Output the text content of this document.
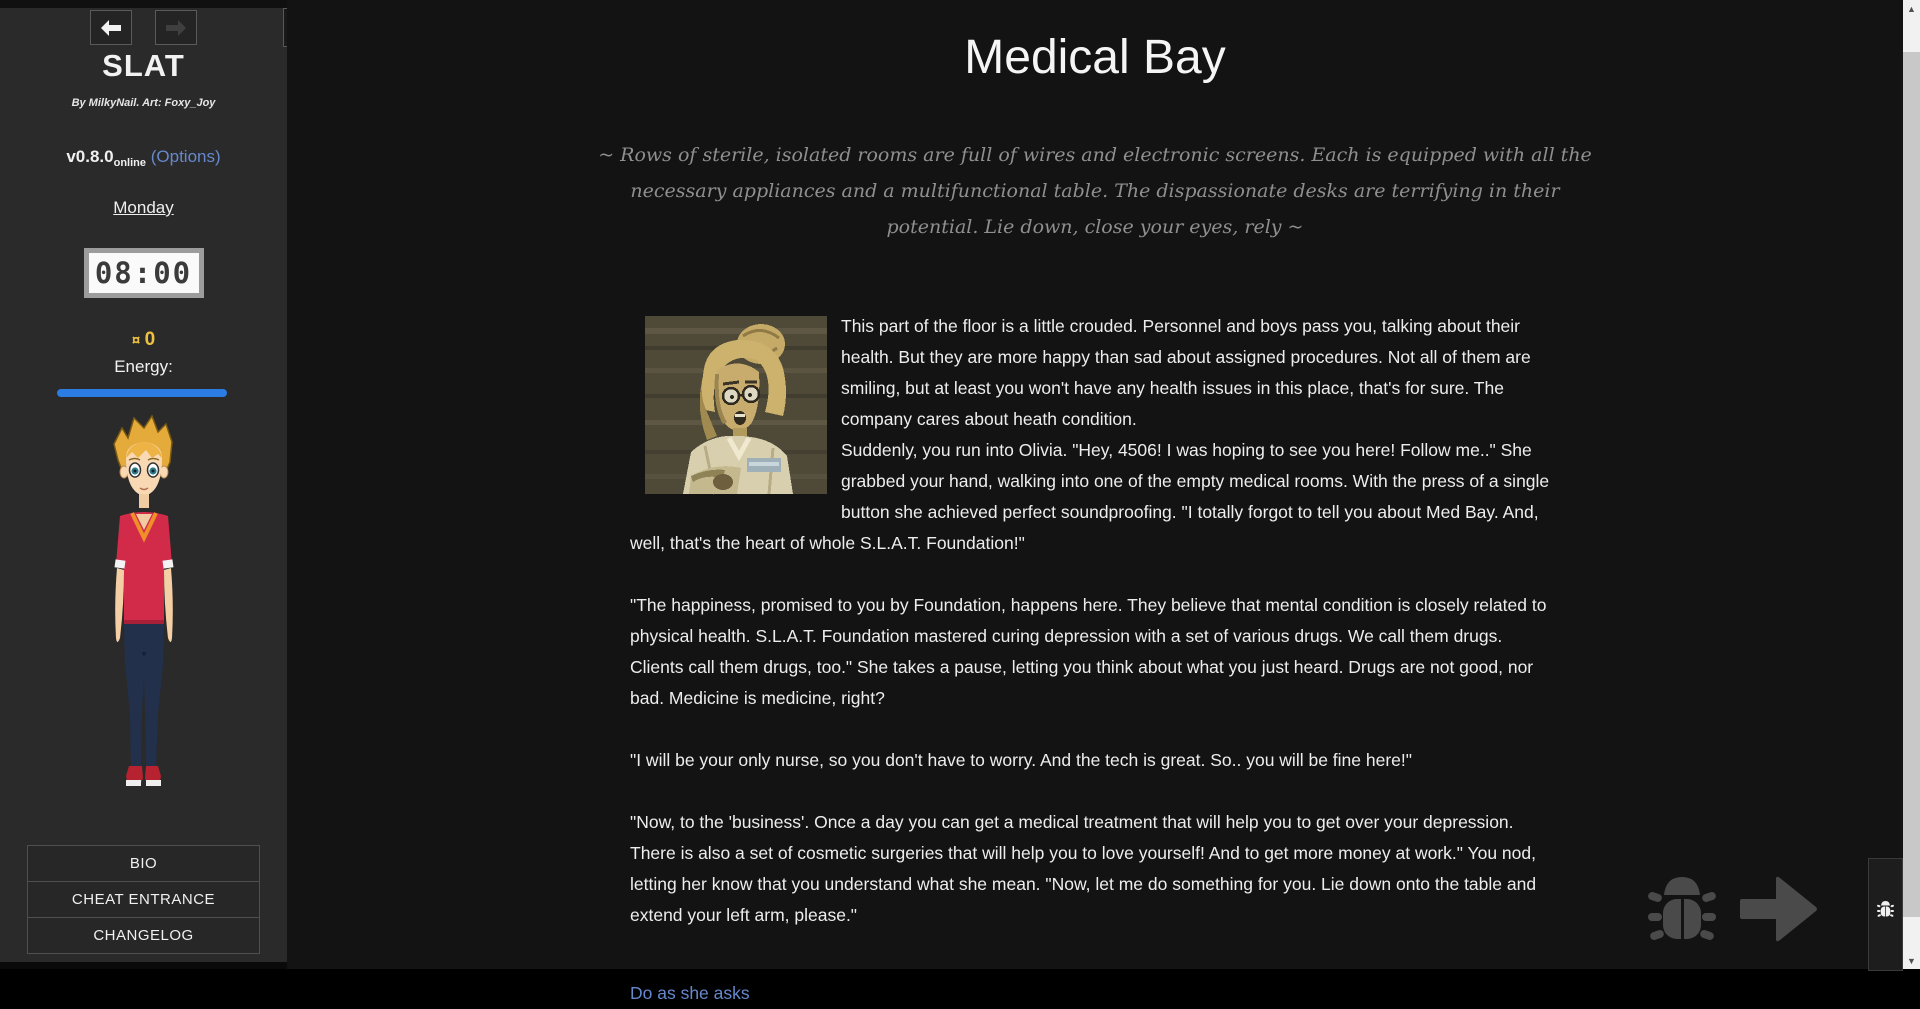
SLAT
By MilkyNail. Art: Foxy_Joy
$v0.8.0_{online}$ (Options)
Monday
08:00
¤ 0
Energy:
BIO
CHEAT ENTRANCE
CHANGELOG
Medical Bay
~ Rows of sterile, isolated rooms are full of wires and electronic screens. Each is equipped with all the necessary appliances and a multifunctional table. The dispassionate desks are terrifying in their potential. Lie down, close your eyes, rely ~

This part of the floor is a little crouded. Personnel and boys pass you, talking about their health. But they are more happy than sad about assigned procedures. Not all of them are smiling, but at least you won't have any health issues in this place, that's for sure. The company cares about heath condition.
Suddenly, you run into Olivia. "Hey, 4506! I was hoping to see you here! Follow me.." She grabbed your hand, walking into one of the empty medical rooms. With the press of a single button she achieved perfect soundproofing. "I totally forgot to tell you about Med Bay. And, well, that's the heart of whole S.L.A.T. Foundation!"

"The happiness, promised to you by Foundation, happens here. They believe that mental condition is closely related to physical health. S.L.A.T. Foundation mastered curing depression with a set of various drugs. We call them drugs. Clients call them drugs, too." She takes a pause, letting you think about what you just heard. Drugs are not good, nor bad. Medicine is medicine, right?

"I will be your only nurse, so you don't have to worry. And the tech is great. So.. you will be fine here!"

"Now, to the 'business'. Once a day you can get a medical treatment that will help you to get over your depression. There is also a set of cosmetic surgeries that will help you to love yourself! And to get more money at work." You nod, letting her know that you understand what she mean. "Now, let me do something for you. Lie down onto the table and extend your left arm, please."

Do as she asks
▲
▼
